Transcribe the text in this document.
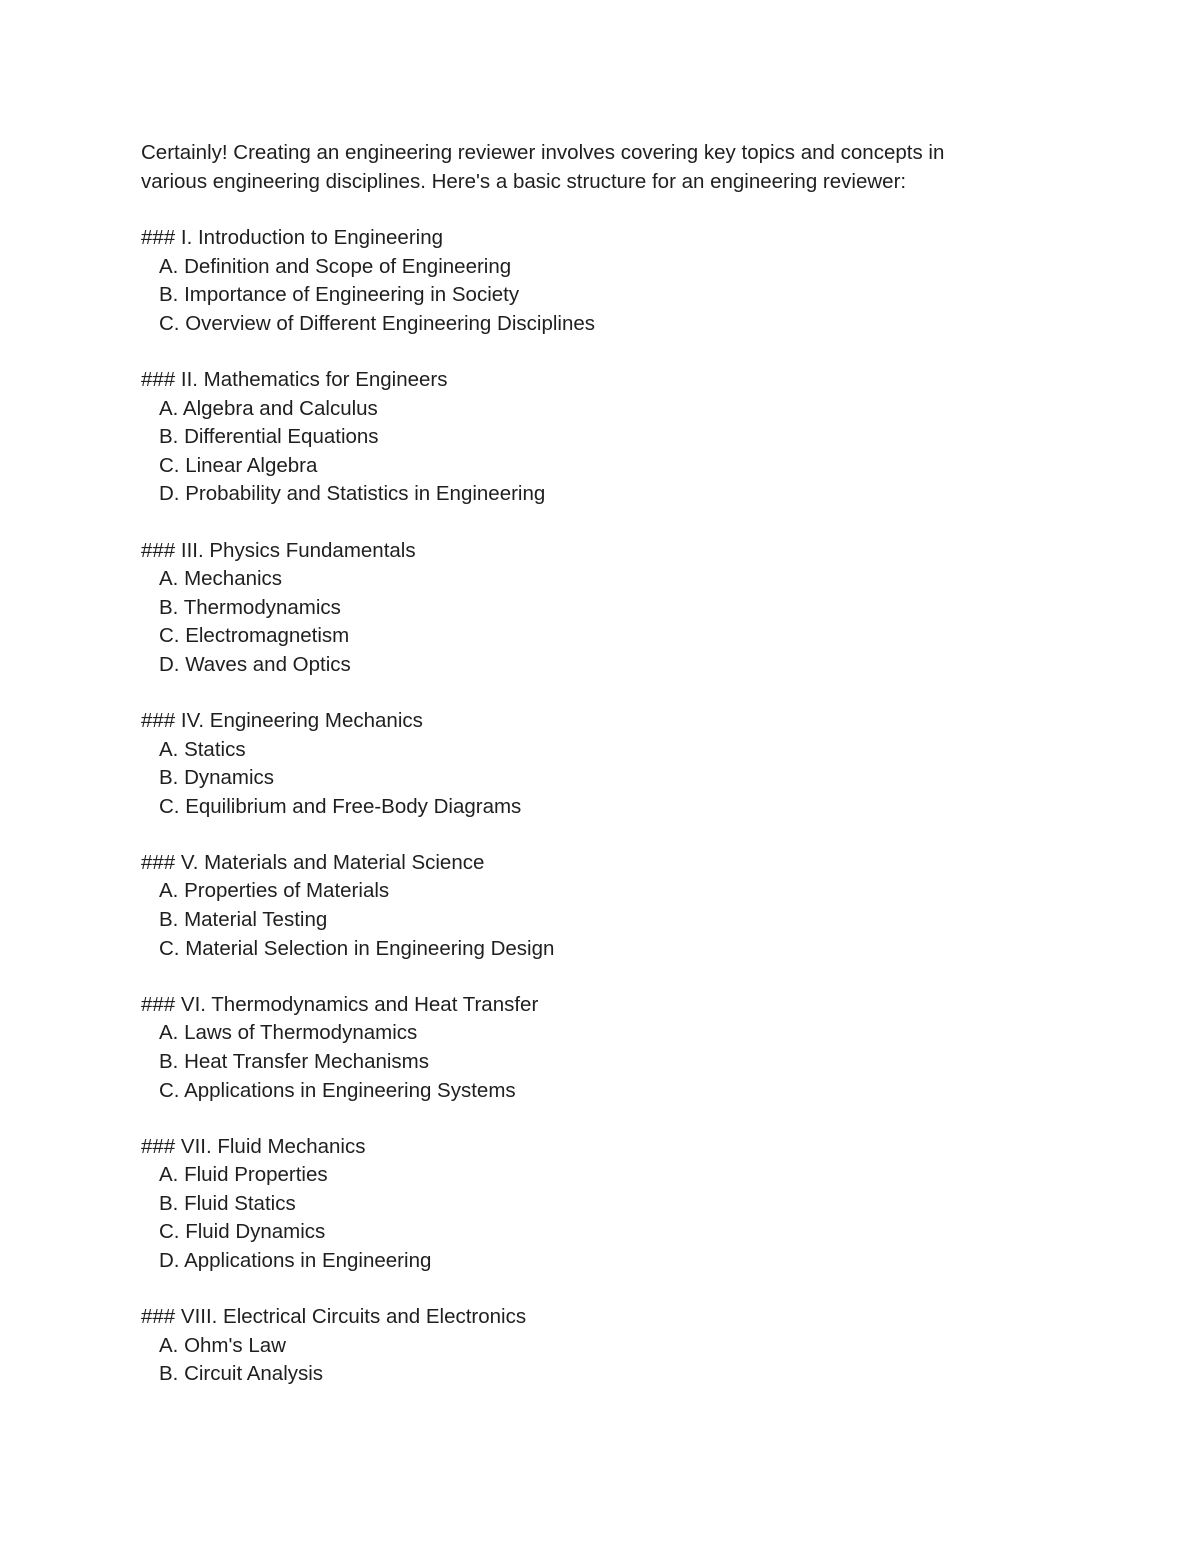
Certainly! Creating an engineering reviewer involves covering key topics and concepts in
various engineering disciplines. Here's a basic structure for an engineering reviewer:
### I. Introduction to Engineering
A. Definition and Scope of Engineering
B. Importance of Engineering in Society
C. Overview of Different Engineering Disciplines
### II. Mathematics for Engineers
A. Algebra and Calculus
B. Differential Equations
C. Linear Algebra
D. Probability and Statistics in Engineering
### III. Physics Fundamentals
A. Mechanics
B. Thermodynamics
C. Electromagnetism
D. Waves and Optics
### IV. Engineering Mechanics
A. Statics
B. Dynamics
C. Equilibrium and Free-Body Diagrams
### V. Materials and Material Science
A. Properties of Materials
B. Material Testing
C. Material Selection in Engineering Design
### VI. Thermodynamics and Heat Transfer
A. Laws of Thermodynamics
B. Heat Transfer Mechanisms
C. Applications in Engineering Systems
### VII. Fluid Mechanics
A. Fluid Properties
B. Fluid Statics
C. Fluid Dynamics
D. Applications in Engineering
### VIII. Electrical Circuits and Electronics
A. Ohm's Law
B. Circuit Analysis
